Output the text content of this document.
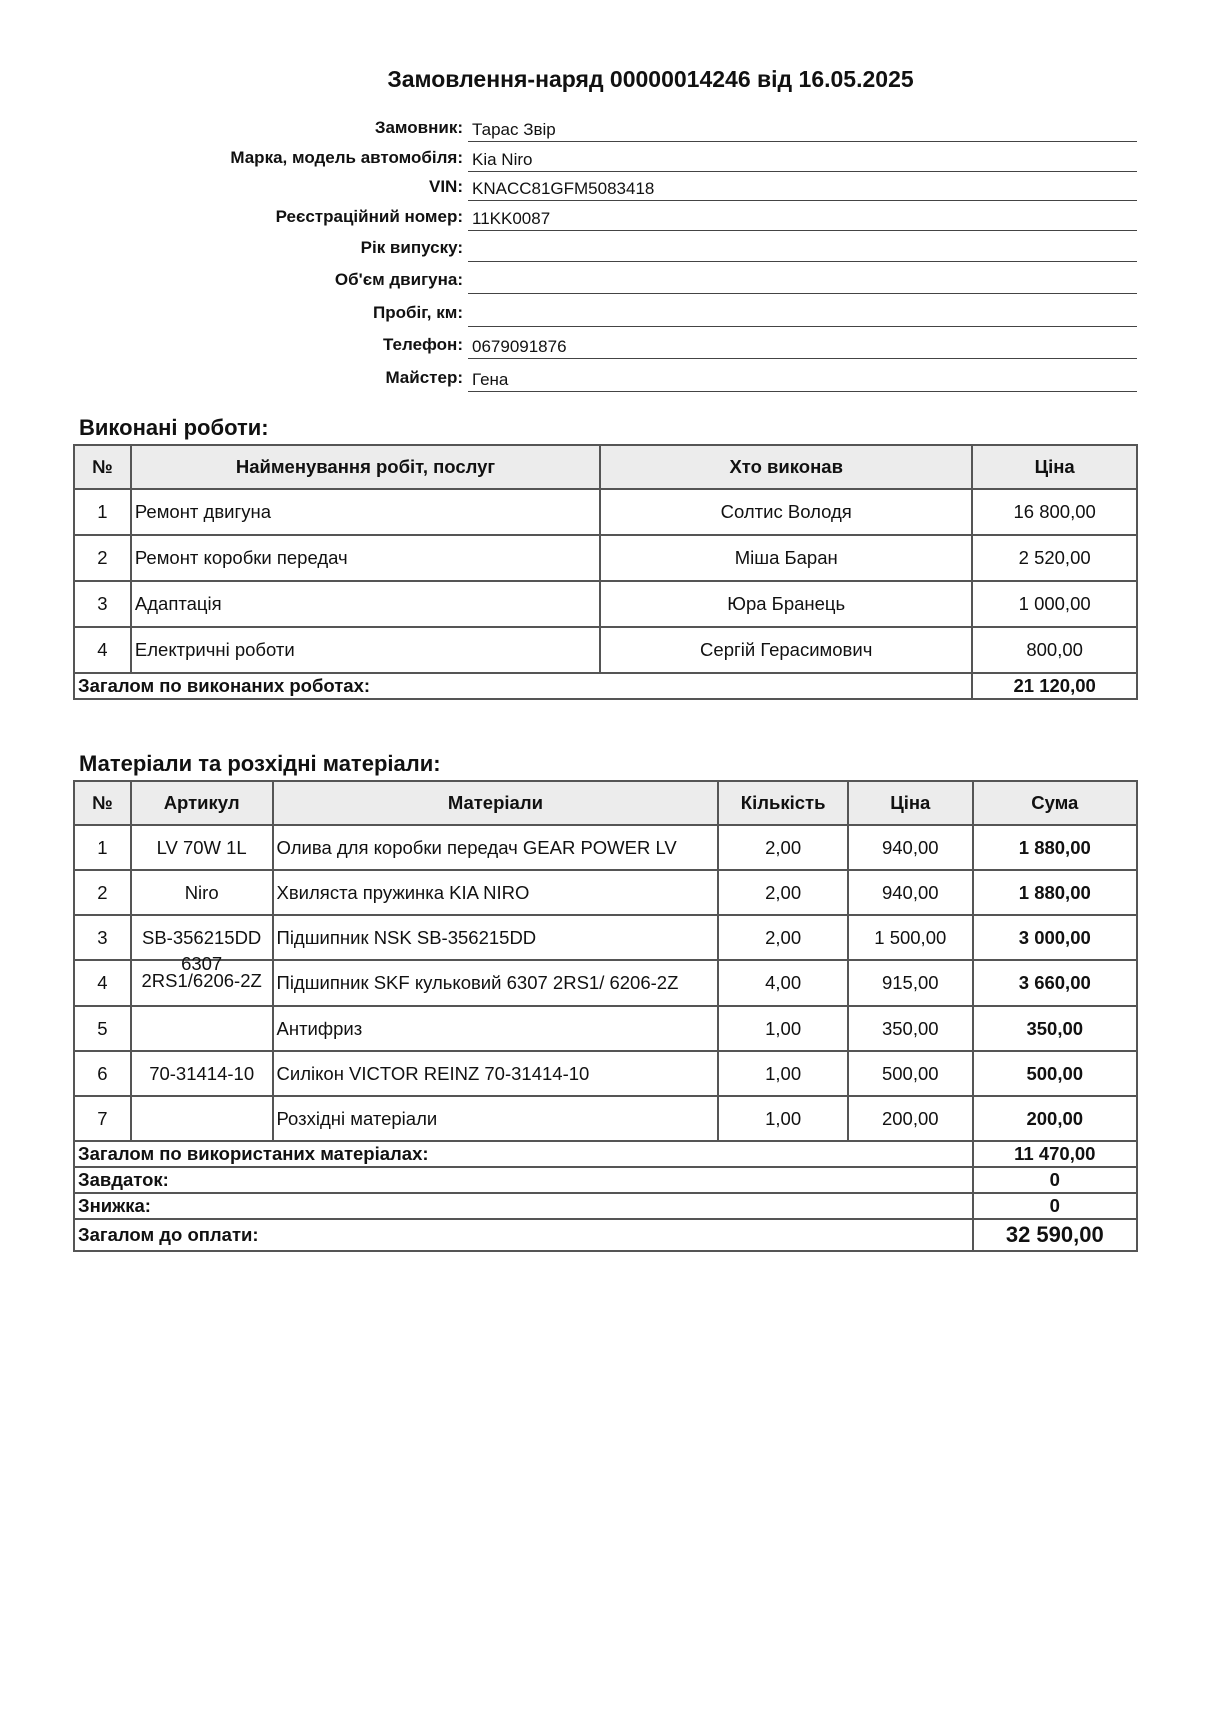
Замовлення-наряд 00000014246 від 16.05.2025
Замовник: Тарас Звір
Марка, модель автомобіля: Kia Niro
VIN: KNACC81GFM5083418
Реєстраційний номер: 11KK0087
Рік випуску:
Об'єм двигуна:
Пробіг, км:
Телефон: 0679091876
Майстер: Гена
Виконані роботи:
№	Найменування робіт, послуг	Хто виконав	Ціна
1	Ремонт двигуна	Солтис Володя	16 800,00
2	Ремонт коробки передач	Міша Баран	2 520,00
3	Адаптація	Юра Бранець	1 000,00
4	Електричні роботи	Сергій Герасимович	800,00
Загалом по виконаних роботах:			21 120,00
Матеріали та розхідні матеріали:
№	Артикул	Матеріали	Кількість	Ціна	Сума
1	LV 70W 1L	Олива для коробки передач GEAR POWER LV	2,00	940,00	1 880,00
2	Niro	Хвиляста пружинка KIA NIRO	2,00	940,00	1 880,00
3	SB-356215DD	Підшипник NSK SB-356215DD	2,00	1 500,00	3 000,00
4	6307 2RS1/6206-2Z	Підшипник SKF кульковий 6307 2RS1/ 6206-2Z	4,00	915,00	3 660,00
5		Антифриз	1,00	350,00	350,00
6	70-31414-10	Силікон VICTOR REINZ 70-31414-10	1,00	500,00	500,00
7		Розхідні матеріали	1,00	200,00	200,00
Загалом по використаних матеріалах:					11 470,00
Завдаток:					0
Знижка:					0
Загалом до оплати:					32 590,00
